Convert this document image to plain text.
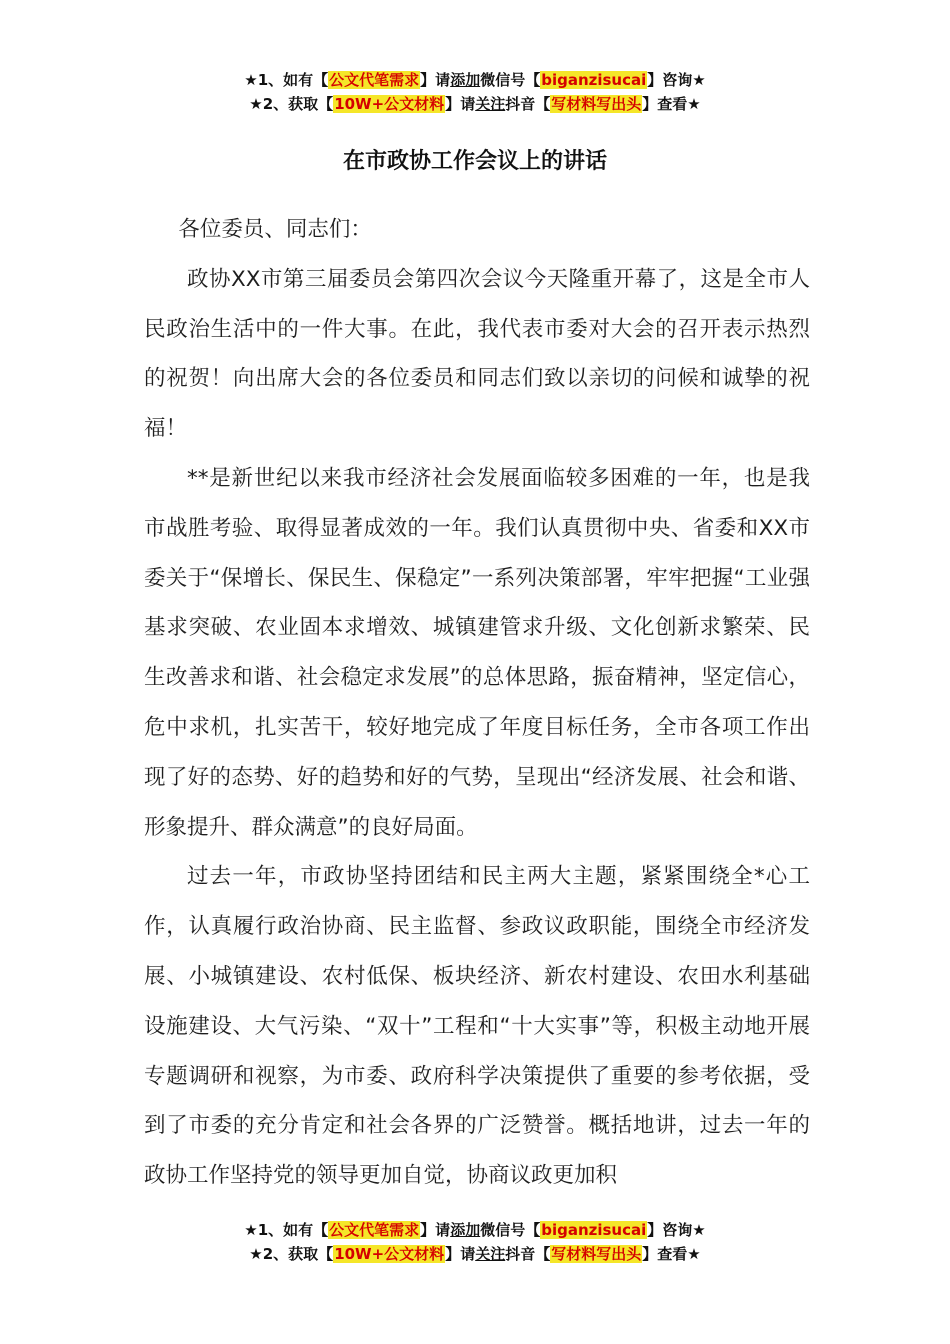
★1、如有【公文代笔需求】请添加微信号【biganzisucai】咨询★
★2、获取【10W+公文材料】请关注抖音【写材料写出头】查看★
在市政协工作会议上的讲话

各位委员、同志们：

政协XX市第三届委员会第四次会议今天隆重开幕了，这是全市人民政治生活中的一件大事。在此，我代表市委对大会的召开表示热烈的祝贺！向出席大会的各位委员和同志们致以亲切的问候和诚挚的祝福！

**是新世纪以来我市经济社会发展面临较多困难的一年，也是我市战胜考验、取得显著成效的一年。我们认真贯彻中央、省委和XX市委关于“保增长、保民生、保稳定”一系列决策部署，牢牢把握“工业强基求突破、农业固本求增效、城镇建管求升级、文化创新求繁荣、民生改善求和谐、社会稳定求发展”的总体思路，振奋精神，坚定信心，危中求机，扎实苦干，较好地完成了年度目标任务，全市各项工作出现了好的态势、好的趋势和好的气势，呈现出“经济发展、社会和谐、形象提升、群众满意”的良好局面。

过去一年，市政协坚持团结和民主两大主题，紧紧围绕全*心工作，认真履行政治协商、民主监督、参政议政职能，围绕全市经济发展、小城镇建设、农村低保、板块经济、新农村建设、农田水利基础设施建设、大气污染、“双十”工程和“十大实事”等，积极主动地开展专题调研和视察，为市委、政府科学决策提供了重要的参考依据，受到了市委的充分肯定和社会各界的广泛赞誉。概括地讲，过去一年的政协工作坚持党的领导更加自觉，协商议政更加积

★1、如有【公文代笔需求】请添加微信号【biganzisucai】咨询★
★2、获取【10W+公文材料】请关注抖音【写材料写出头】查看★
